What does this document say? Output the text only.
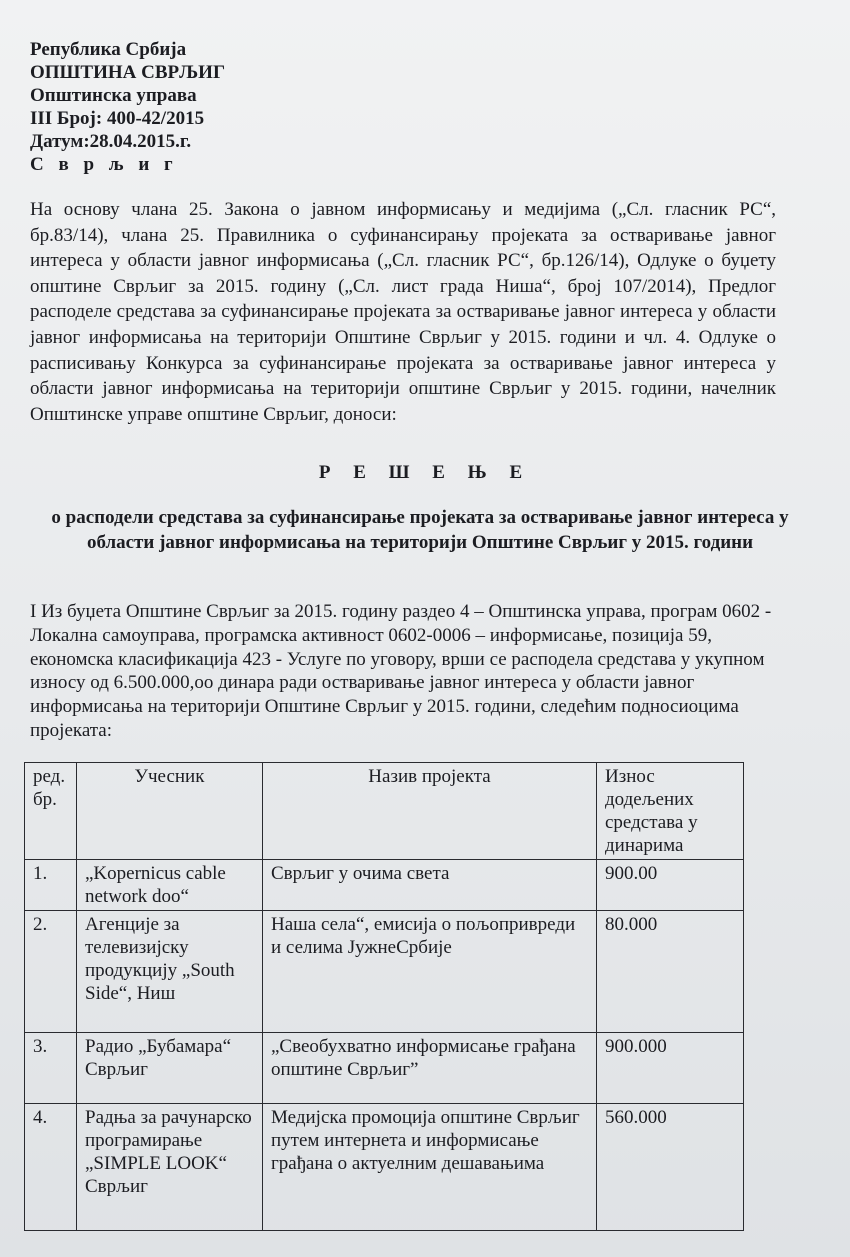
Република Србија
ОПШТИНА СВРЉИГ
Општинска управа
III Број: 400-42/2015
Датум:28.04.2015.г.
С в р љ и г
На основу члана 25. Закона о јавном информисању и медијима („Сл. гласник РС“, бр.83/14), члана 25. Правилника о суфинансирању пројеката за остваривање јавног интереса у области јавног информисања („Сл. гласник РС“, бр.126/14), Одлуке о буџету општине Сврљиг за 2015. годину („Сл. лист града Ниша“, број 107/2014), Предлог расподеле средстава за суфинансирање пројеката за остваривање јавног интереса у области јавног информисања на територији Општине Сврљиг у 2015. години и чл. 4. Одлуке о расписивању Конкурса за суфинансирање пројеката за остваривање јавног интереса у области јавног информисања на територији општине Сврљиг у 2015. години, начелник Општинске управе општине Сврљиг, доноси:
Р Е Ш Е Њ Е
о расподели средстава за суфинансирање пројеката за остваривање јавног интереса у области јавног информисања на територији Општине Сврљиг у 2015. години
I Из буџета Општине Сврљиг за 2015. годину раздео 4 – Општинска управа, програм 0602 - Локална самоуправа, програмска активност 0602-0006 – информисање, позиција 59, економска класификација 423 - Услуге по уговору, врши се расподела средстава у укупном износу од 6.500.000,оо динара ради остваривање јавног интереса у области јавног информисања на територији Општине Сврљиг у 2015. години, следећим подносиоцима пројеката:
ред. бр.	Учесник	Назив пројекта	Износ додељених средстава у динарима
1.	„Kopernicus cable network doo“	Сврљиг у очима света	900.00
2.	Агенције за телевизијску продукцију „South Side“, Ниш	Наша села“, емисија о пољопривреди и селима ЈужнеСрбије	80.000
3.	Радио „Бубамара“ Сврљиг	„Свеобухватно информисање грађана општине Сврљиг”	900.000
4.	Радња за рачунарско програмирање „SIMPLE LOOK“ Сврљиг	Медијска промоција општине Сврљиг путем интернета и информисање грађана о актуелним дешавањима	560.000
